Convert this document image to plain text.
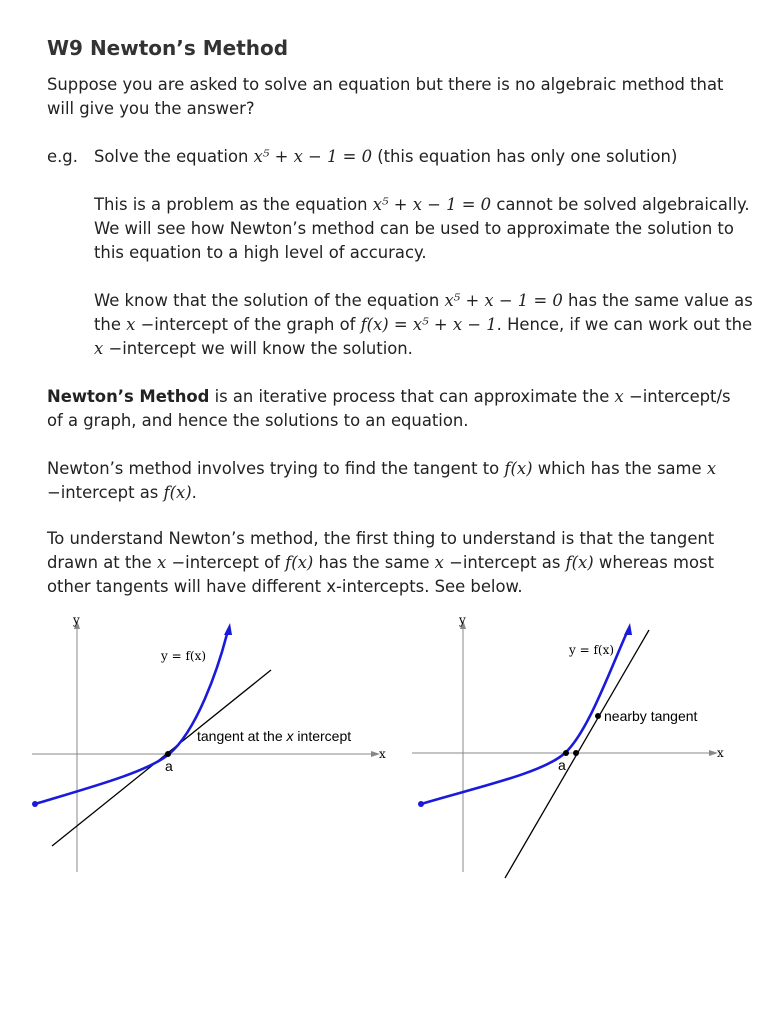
W9 Newton’s Method

Suppose you are asked to solve an equation but there is no algebraic method that will give you the answer?

e.g. Solve the equation x⁵ + x − 1 = 0 (this equation has only one solution)

This is a problem as the equation x⁵ + x − 1 = 0 cannot be solved algebraically. We will see how Newton’s method can be used to approximate the solution to this equation to a high level of accuracy.

We know that the solution of the equation x⁵ + x − 1 = 0 has the same value as the x −intercept of the graph of f(x) = x⁵ + x − 1. Hence, if we can work out the x −intercept we will know the solution.

Newton’s Method is an iterative process that can approximate the x −intercept/s of a graph, and hence the solutions to an equation.

Newton’s method involves trying to find the tangent to f(x) which has the same x −intercept as f(x).

To understand Newton’s method, the first thing to understand is that the tangent drawn at the x −intercept of f(x) has the same x −intercept as f(x) whereas most other tangents will have different x-intercepts. See below.

y
x
a
y = f(x)
tangent at the x intercept
y
x
a
y = f(x)
nearby tangent
